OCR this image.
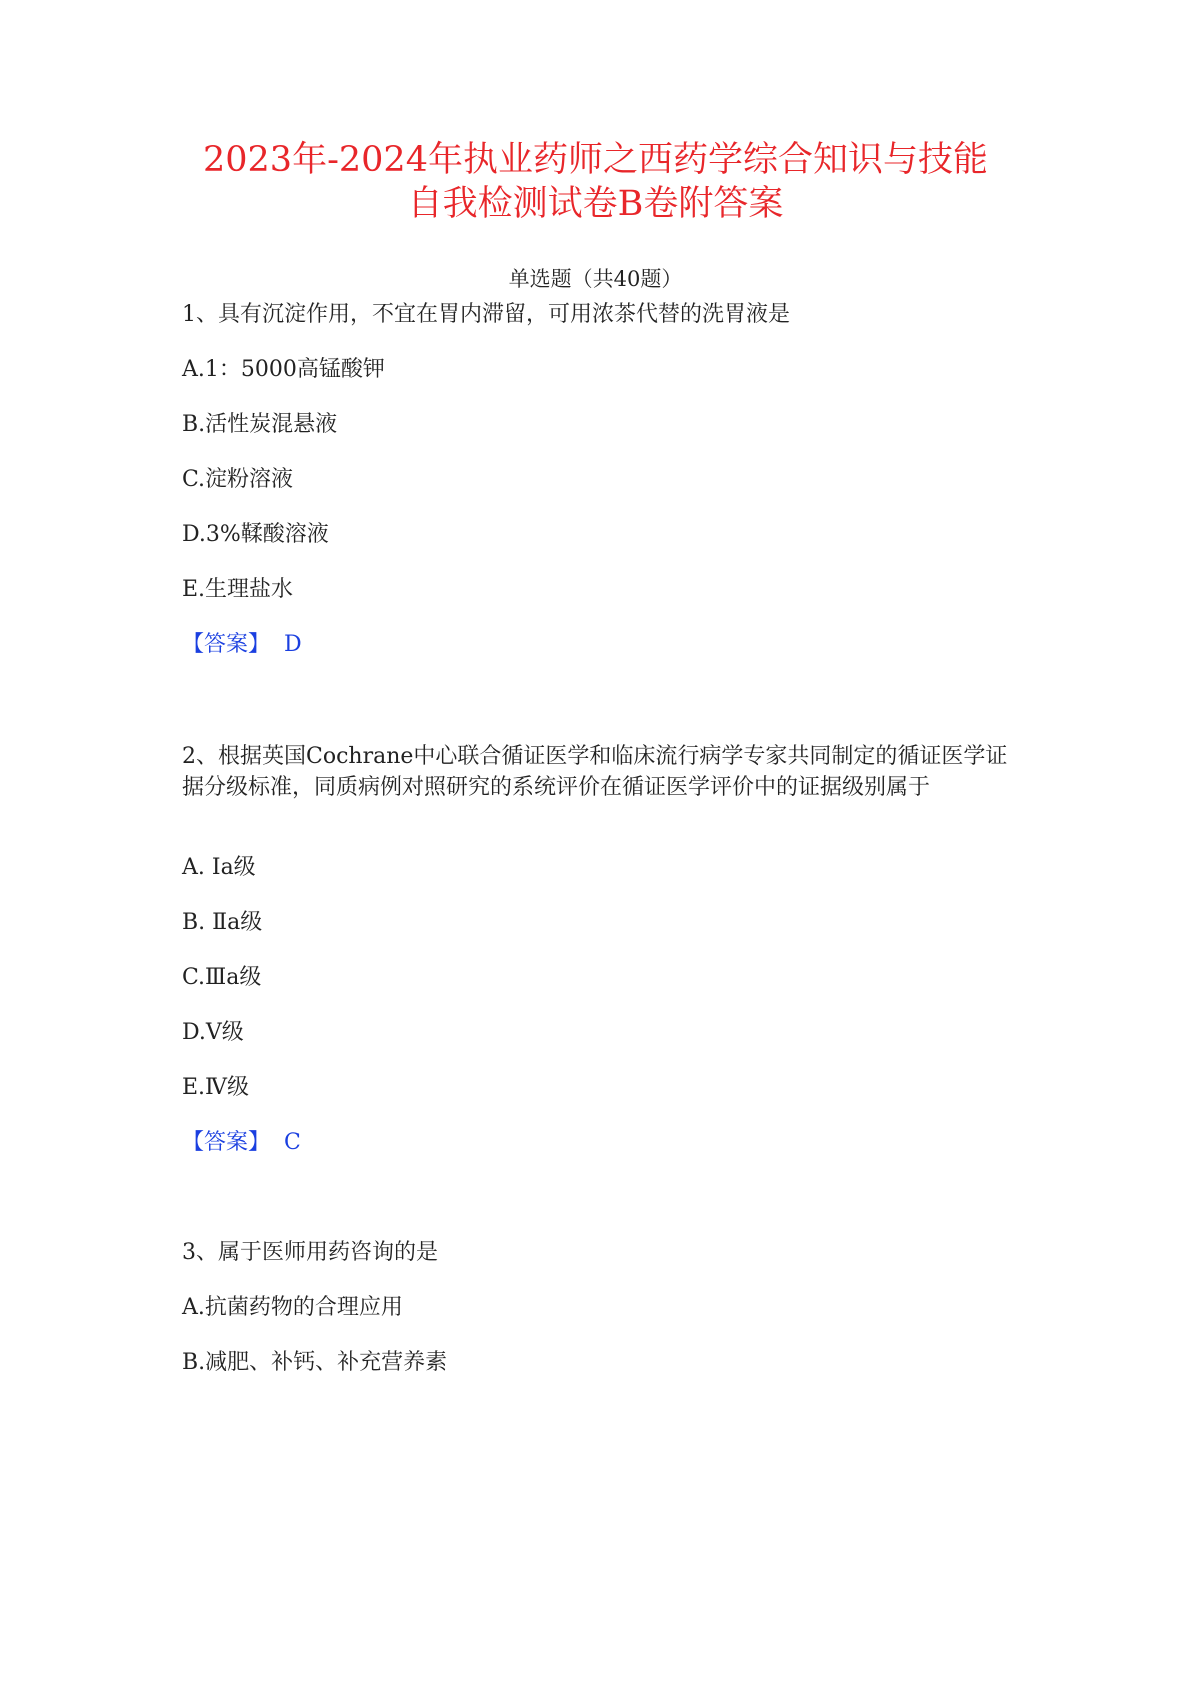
2023年-2024年执业药师之西药学综合知识与技能
自我检测试卷B卷附答案
单选题（共40题）
1、具有沉淀作用，不宜在胃内滞留，可用浓茶代替的洗胃液是
A.1：5000高锰酸钾
B.活性炭混悬液
C.淀粉溶液
D.3%鞣酸溶液
E.生理盐水
【答案】 D
2、根据英国Cochrane中心联合循证医学和临床流行病学专家共同制定的循证医学证据分级标准，同质病例对照研究的系统评价在循证医学评价中的证据级别属于
A. Ⅰa级
B. Ⅱa级
C.Ⅲa级
D.Ⅴ级
E.Ⅳ级
【答案】 C
3、属于医师用药咨询的是
A.抗菌药物的合理应用
B.减肥、补钙、补充营养素
